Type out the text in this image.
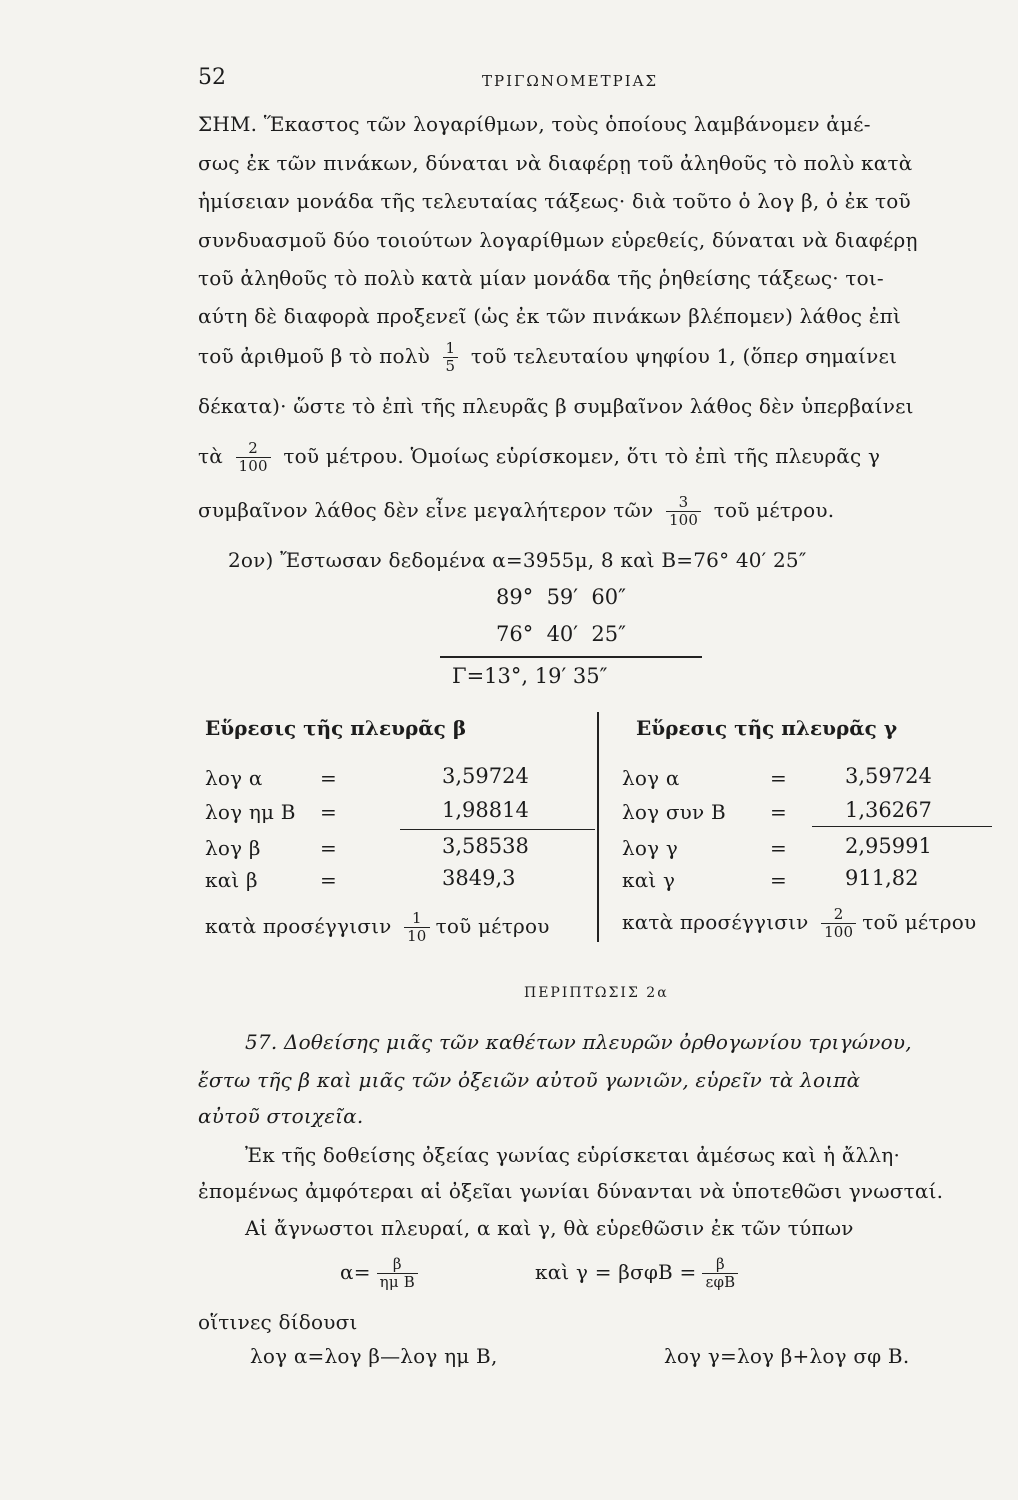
52	ΤΡΙΓΩΝΟΜΕΤΡΙΑΣ
ΣΗΜ. Ἕκαστος τῶν λογαρίθμων, τοὺς ὁποίους λαμβάνομεν ἀμέ-
σως ἐκ τῶν πινάκων, δύναται νὰ διαφέρῃ τοῦ ἀληθοῦς τὸ πολὺ κατὰ
ἡμίσειαν μονάδα τῆς τελευταίας τάξεως· διὰ τοῦτο ὁ λογ β, ὁ ἐκ τοῦ
συνδυασμοῦ δύο τοιούτων λογαρίθμων εὑρεθείς, δύναται νὰ διαφέρῃ
τοῦ ἀληθοῦς τὸ πολὺ κατὰ μίαν μονάδα τῆς ῥηθείσης τάξεως· τοι-
αύτη δὲ διαφορὰ προξενεῖ (ὡς ἐκ τῶν πινάκων βλέπομεν) λάθος ἐπὶ
τοῦ ἀριθμοῦ β τὸ πολὺ $\frac{1}{5}$ τοῦ τελευταίου ψηφίου 1, (ὅπερ σημαίνει
δέκατα)· ὥστε τὸ ἐπὶ τῆς πλευρᾶς β συμβαῖνον λάθος δὲν ὑπερβαίνει
τὰ $\frac{2}{100}$ τοῦ μέτρου. Ὁμοίως εὑρίσκομεν, ὅτι τὸ ἐπὶ τῆς πλευρᾶς γ
συμβαῖνον λάθος δὲν εἶνε μεγαλήτερον τῶν $\frac{3}{100}$ τοῦ μέτρου.
2ον) Ἔστωσαν δεδομένα α=3955μ, 8 καὶ Β=76° 40′ 25″
89°  59′  60″
76°  40′  25″
Γ=13°, 19′ 35″
Εὕρεσις τῆς πλευρᾶς β
λογ α	=	3,59724
λογ ημ Β =	1,98814
λογ β	=	3,58538
καὶ β	=	3849,3
κατὰ προσέγγισιν $\frac{1}{10}$ τοῦ μέτρου
Εὕρεσις τῆς πλευρᾶς γ
λογ α	=	3,59724
λογ συν Β =	1,36267
λογ γ	=	2,95991
καὶ γ	=	911,82
κατὰ προσέγγισιν $\frac{2}{100}$ τοῦ μέτρου
ΠΕΡΙΠΤΩΣΙΣ 2α
57. Δοθείσης μιᾶς τῶν καθέτων πλευρῶν ὀρθογωνίου τριγώνου,
ἔστω τῆς β καὶ μιᾶς τῶν ὀξειῶν αὐτοῦ γωνιῶν, εὑρεῖν τὰ λοιπὰ
αὐτοῦ στοιχεῖα.
Ἐκ τῆς δοθείσης ὀξείας γωνίας εὑρίσκεται ἀμέσως καὶ ἡ ἄλλη·
ἐπομένως ἀμφότεραι αἱ ὀξεῖαι γωνίαι δύνανται νὰ ὑποτεθῶσι γνωσταί.
Αἱ ἄγνωστοι πλευραί, α καὶ γ, θὰ εὑρεθῶσιν ἐκ τῶν τύπων
$\alpha= \frac{\beta}{\text{ημ Β}}$	καὶ $\gamma = \beta\sigma\varphi B = \frac{\beta}{\text{εφΒ}}$
οἵτινες δίδουσι
λογ α=λογ β—λογ ημ Β,	λογ γ=λογ β+λογ σφ Β.
